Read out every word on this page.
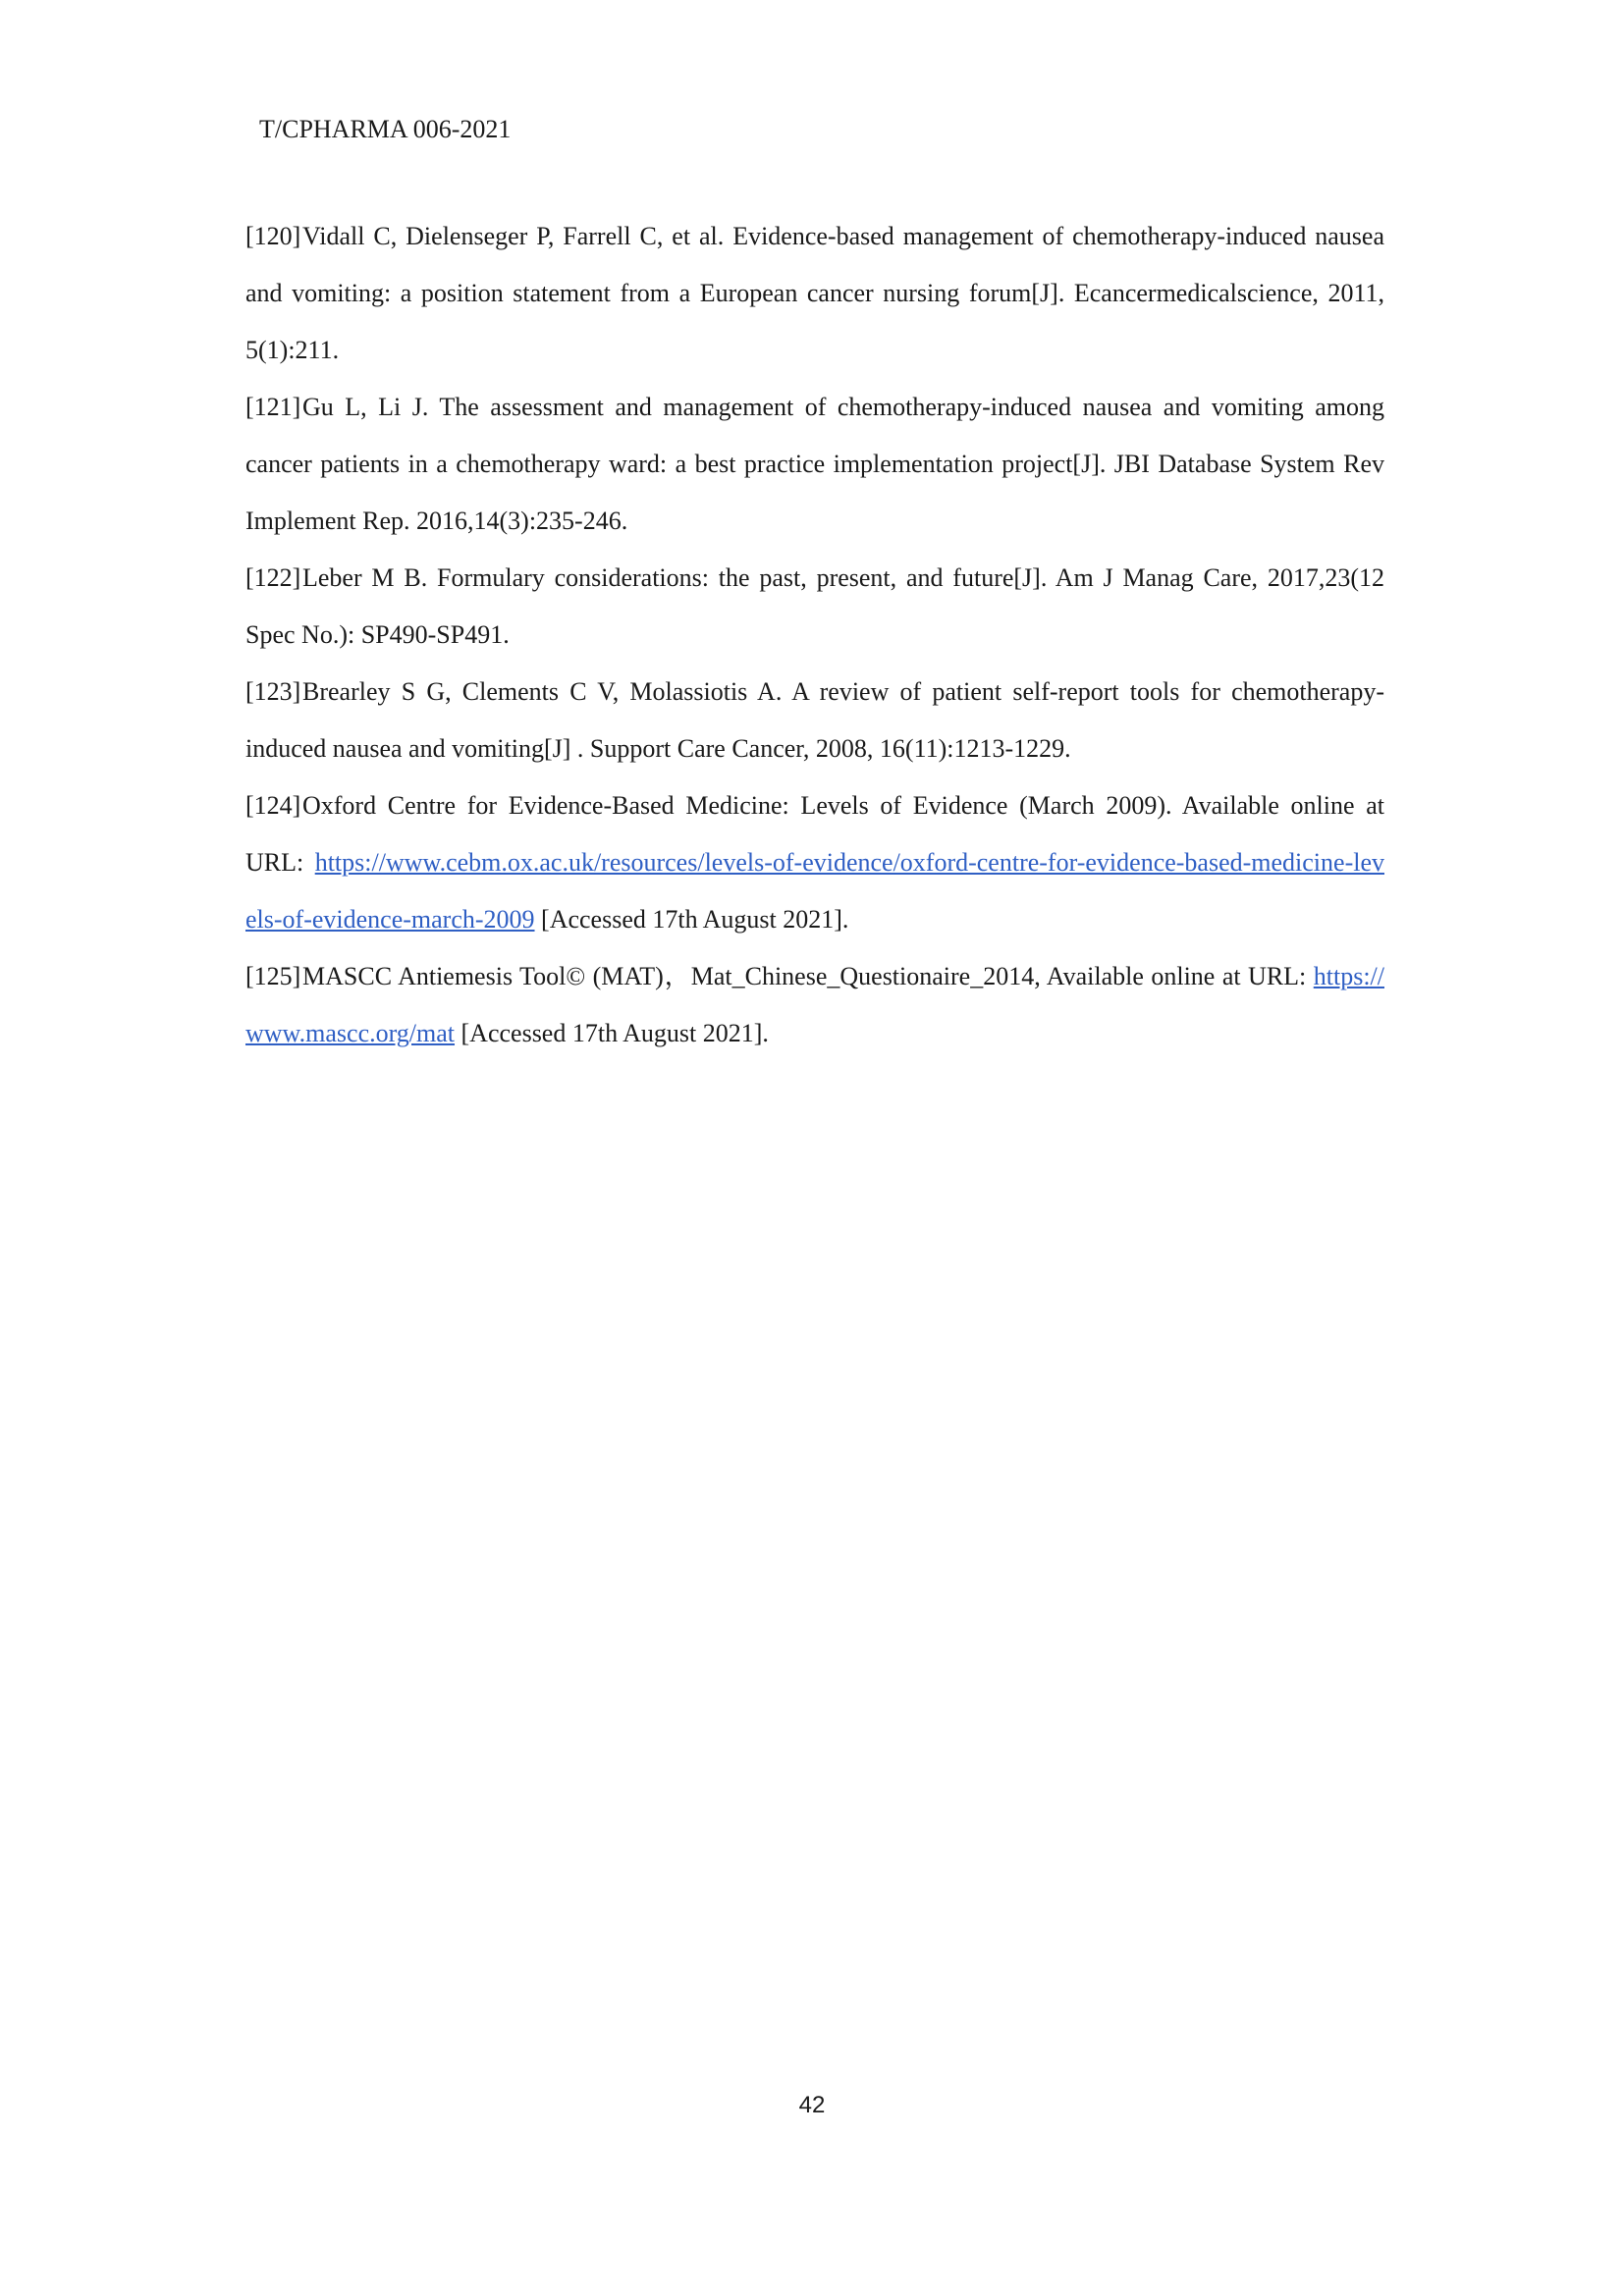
T/CPHARMA 006-2021
[120] Vidall C, Dielenseger P, Farrell C, et al. Evidence-based management of chemotherapy-induced nausea and vomiting: a position statement from a European cancer nursing forum[J]. Ecancermedicalscience, 2011, 5(1):211.
[121] Gu L, Li J. The assessment and management of chemotherapy-induced nausea and vomiting among cancer patients in a chemotherapy ward: a best practice implementation project[J]. JBI Database System Rev Implement Rep. 2016,14(3):235-246.
[122] Leber M B. Formulary considerations: the past, present, and future[J]. Am J Manag Care, 2017,23(12 Spec No.): SP490-SP491.
[123] Brearley S G, Clements C V, Molassiotis A. A review of patient self-report tools for chemotherapy-induced nausea and vomiting[J] . Support Care Cancer, 2008, 16(11):1213-1229.
[124] Oxford Centre for Evidence-Based Medicine: Levels of Evidence (March 2009). Available online at URL: https://www.cebm.ox.ac.uk/resources/levels-of-evidence/oxford-centre-for-evidence-based-medicine-levels-of-evidence-march-2009 [Accessed 17th August 2021].
[125] MASCC Antiemesis Tool© (MAT)，Mat_Chinese_Questionaire_2014, Available online at URL: https://www.mascc.org/mat [Accessed 17th August 2021].
42
